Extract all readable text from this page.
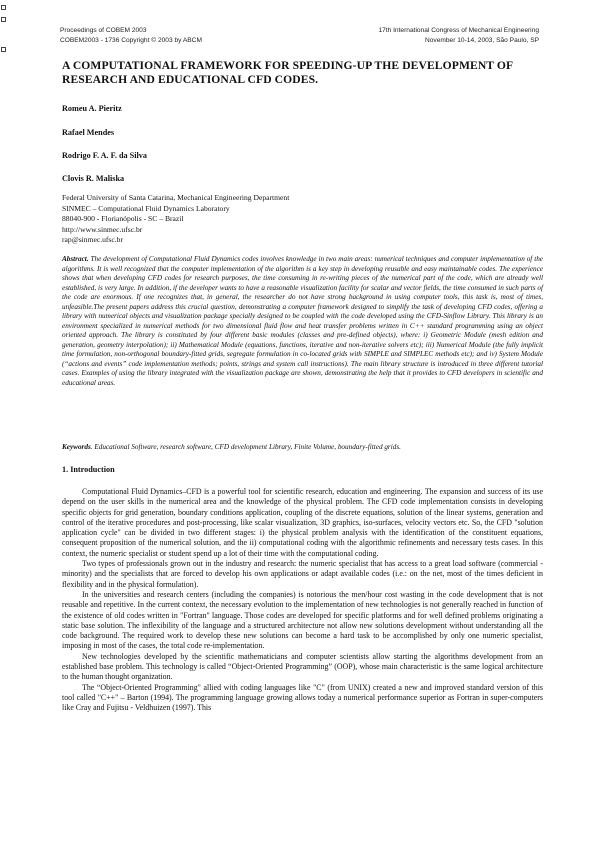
Proceedings of COBEM 2003
COBEM2003 - 1736 Copyright © 2003 by ABCM
17th International Congress of Mechanical Engineering
November 10-14, 2003, São Paulo, SP
A COMPUTATIONAL FRAMEWORK FOR SPEEDING-UP THE DEVELOPMENT OF RESEARCH AND EDUCATIONAL CFD CODES.
Romeu A. Pieritz
Rafael Mendes
Rodrigo F. A. F. da Silva
Clovis R. Maliska
Federal University of Santa Catarina, Mechanical Engineering Department
SINMEC – Computational Fluid Dynamics Laboratory
88040-900 - Florianópolis - SC – Brazil
http://www.sinmec.ufsc.br
rap@sinmec.ufsc.br
Abstract. The development of Computational Fluid Dynamics codes involves knowledge in two main areas: numerical techniques and computer implementation of the algorithms. It is well recognized that the computer implementation of the algorithm is a key step in developing reusable and easy maintainable codes. The experience shows that when developing CFD codes for research purposes, the time consuming in re-writing pieces of the numerical part of the code, which are already well established, is very large. In addition, if the developer wants to have a reasonable visualization facility for scalar and vector fields, the time consumed in such parts of the code are enormous. If one recognizes that, in general, the researcher do not have strong background in using computer tools, this task is, most of times, unfeasible.The present papers address this crucial question, demonstrating a computer framework designed to simplify the task of developing CFD codes, offering a library with numerical objects and visualization package specially designed to be coupled with the code developed using the CFD-Sinflow Library. This library is an environment specialized in numerical methods for two dimensional fluid flow and heat transfer problems written in C++ standard programming using an object oriented approach. The library is constituted by four different basic modules (classes and pre-defined objects), where: i) Geometric Module (mesh edition and generation, geometry interpolation); ii) Mathematical Module (equations, functions, iterative and non-iterative solvers etc); iii) Numerical Module (the fully implicit time formulation, non-orthogonal boundary-fitted grids, segregate formulation in co-located grids with SIMPLE and SIMPLEC methods etc); and iv) System Module (“actions and events” code implementation methods; points, strings and system call instructions). The main library structure is introduced in three different tutorial cases. Examples of using the library integrated with the visualization package are shown, demonstrating the help that it provides to CFD developers in scientific and educational areas.
Keywords. Educational Software, research software, CFD development Library, Finite Volume, boundary-fitted grids.
1. Introduction

Computational Fluid Dynamics–CFD is a powerful tool for scientific research, education and engineering. The expansion and success of its use depend on the user skills in the numerical area and the knowledge of the physical problem. The CFD code implementation consists in developing specific objects for grid generation, boundary conditions application, coupling of the discrete equations, solution of the linear systems, generation and control of the iterative procedures and post-processing, like scalar visualization, 3D graphics, iso-surfaces, velocity vectors etc. So, the CFD "solution application cycle" can be divided in two different stages: i) the physical problem analysis with the identification of the constituent equations, consequent proposition of the numerical solution, and the ii) computational coding with the algorithmic refinements and necessary tests cases. In this context, the numeric specialist or student spend up a lot of their time with the computational coding.

Two types of professionals grown out in the industry and research: the numeric specialist that has access to a great load software (commercial - minority) and the specialists that are forced to develop his own applications or adapt available codes (i.e.: on the net, most of the times deficient in flexibility and in the physical formulation).

In the universities and research centers (including the companies) is notorious the men/hour cost wasting in the code development that is not reusable and repetitive. In the current context, the necessary evolution to the implementation of new technologies is not generally reached in function of the existence of old codes written in "Fortran" language. Those codes are developed for specific platforms and for well defined problems originating a static base solution. The inflexibility of the language and a structured architecture not allow new solutions development without understanding all the code background. The required work to develop these new solutions can become a hard task to be accomplished by only one numeric specialist, imposing in most of the cases, the total code re-implementation.

New technologies developed by the scientific mathematicians and computer scientists allow starting the algorithms development from an established base problem. This technology is called “Object-Oriented Programming” (OOP), whose main characteristic is the same logical architecture to the human thought organization.

The “Object-Oriented Programming" allied with coding languages like "C" (from UNIX) created a new and improved standard version of this tool called "C++" – Barton (1994). The programming language growing allows today a numerical performance superior as Fortran in super-computers like Cray and Fujitsu - Veldhuizen (1997). This
